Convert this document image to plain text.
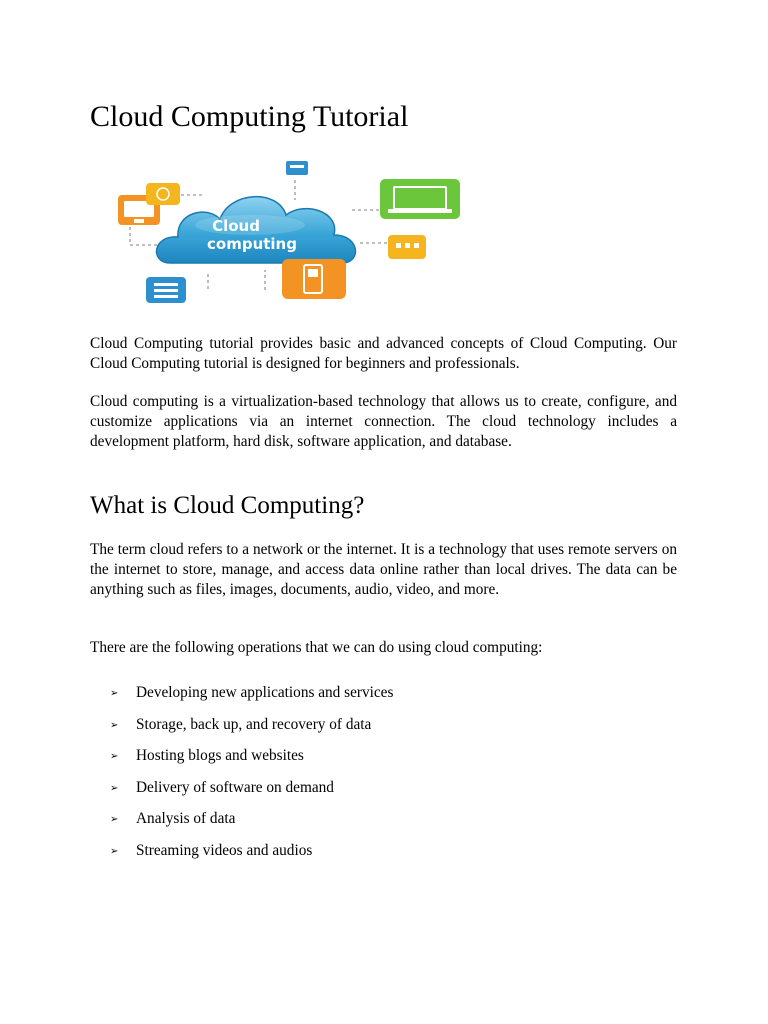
Cloud Computing Tutorial
Cloud
computing

Cloud Computing tutorial provides basic and advanced concepts of Cloud Computing. Our Cloud Computing tutorial is designed for beginners and professionals.

Cloud computing is a virtualization-based technology that allows us to create, configure, and customize applications via an internet connection. The cloud technology includes a development platform, hard disk, software application, and database.

What is Cloud Computing?

The term cloud refers to a network or the internet. It is a technology that uses remote servers on the internet to store, manage, and access data online rather than local drives. The data can be anything such as files, images, documents, audio, video, and more.

There are the following operations that we can do using cloud computing:

➢ Developing new applications and services
➢ Storage, back up, and recovery of data
➢ Hosting blogs and websites
➢ Delivery of software on demand
➢ Analysis of data
➢ Streaming videos and audios
